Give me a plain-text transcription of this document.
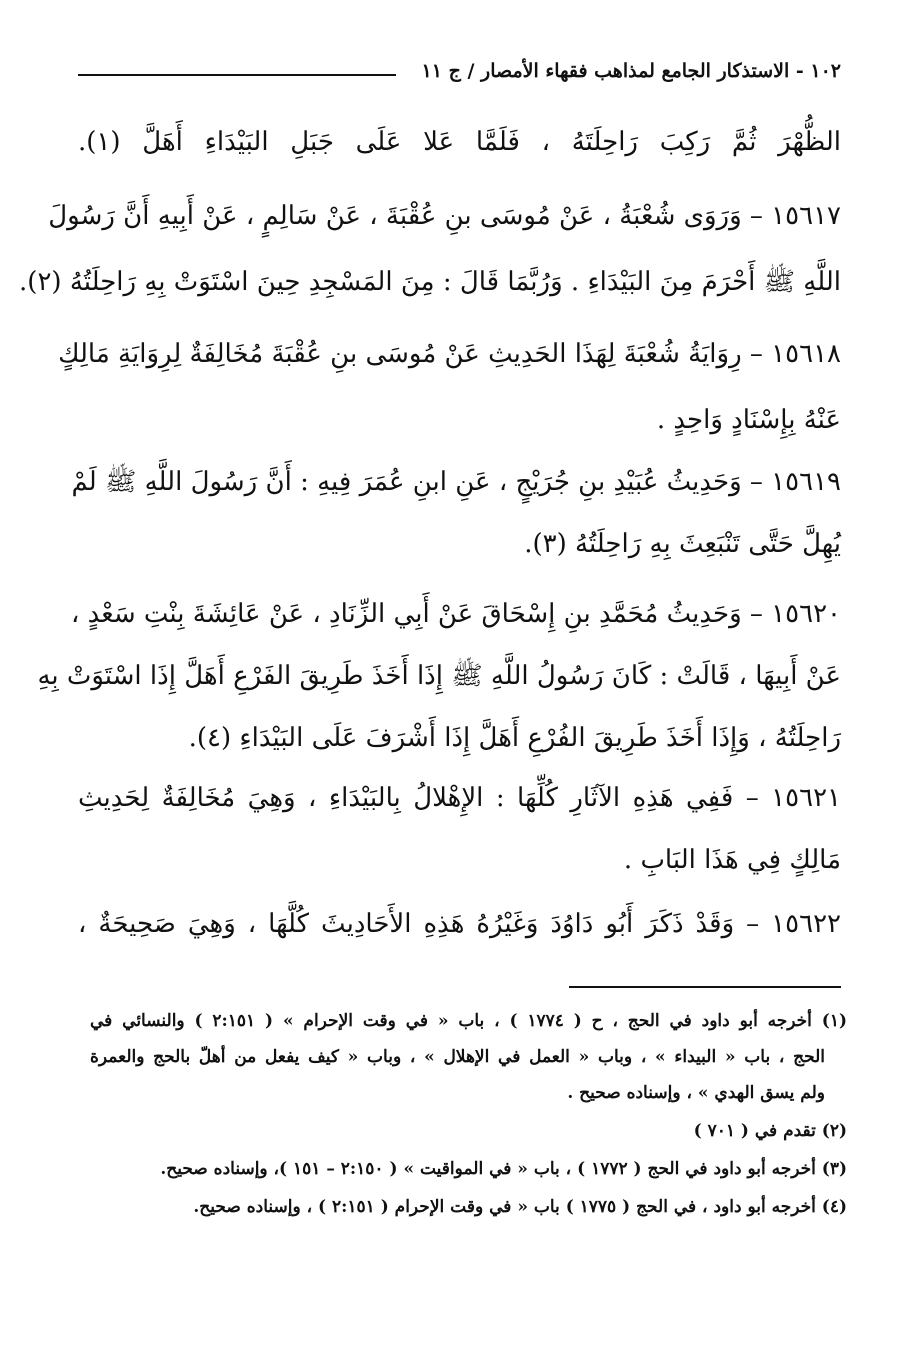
١٠٢ - الاستذكار الجامع لمذاهب فقهاء الأمصار / ج ١١
الظُّهْرَ ثُمَّ رَكِبَ رَاحِلَتَهُ ، فَلَمَّا عَلا عَلَى جَبَلِ البَيْدَاءِ أَهَلَّ (١).
١٥٦١٧ – وَرَوَى شُعْبَةُ ، عَنْ مُوسَى بنِ عُقْبَةَ ، عَنْ سَالِمٍ ، عَنْ أَبِيهِ أَنَّ رَسُولَ
اللَّهِ ﷺ أَحْرَمَ مِنَ البَيْدَاءِ . وَرُبَّمَا قَالَ : مِنَ المَسْجِدِ حِينَ اسْتَوَتْ بِهِ رَاحِلَتُهُ (٢).
١٥٦١٨ – رِوَايَةُ شُعْبَةَ لِهَذَا الحَدِيثِ عَنْ مُوسَى بنِ عُقْبَةَ مُخَالِفَةٌ لِرِوَايَةِ مَالِكٍ
عَنْهُ بِإِسْنَادٍ وَاحِدٍ .
١٥٦١٩ – وَحَدِيثُ عُبَيْدِ بنِ جُرَيْجٍ ، عَنِ ابنِ عُمَرَ فِيهِ : أَنَّ رَسُولَ اللَّهِ ﷺ لَمْ
يُهِلَّ حَتَّى تَنْبَعِثَ بِهِ رَاحِلَتُهُ (٣).
١٥٦٢٠ – وَحَدِيثُ مُحَمَّدِ بنِ إِسْحَاقَ عَنْ أَبِي الزِّنَادِ ، عَنْ عَائِشَةَ بِنْتِ سَعْدٍ ،
عَنْ أَبِيهَا ، قَالَتْ : كَانَ رَسُولُ اللَّهِ ﷺ إِذَا أَخَذَ طَرِيقَ الفَرْعِ أَهَلَّ إِذَا اسْتَوَتْ بِهِ
رَاحِلَتُهُ ، وَإِذَا أَخَذَ طَرِيقَ الفُرْعِ أَهَلَّ إِذَا أَشْرَفَ عَلَى البَيْدَاءِ (٤).
١٥٦٢١ – فَفِي هَذِهِ الآثَارِ كُلِّهَا : الإِهْلالُ بِالبَيْدَاءِ ، وَهِيَ مُخَالِفَةٌ لِحَدِيثِ
مَالِكٍ فِي هَذَا البَابِ .
١٥٦٢٢ – وَقَدْ ذَكَرَ أَبُو دَاوُدَ وَغَيْرُهُ هَذِهِ الأَحَادِيثَ كُلَّهَا ، وَهِيَ صَحِيحَةٌ ،
(١) أخرجه أبو داود في الحج ، ح ( ١٧٧٤ ) ، باب « في وقت الإحرام » ( ٢:١٥١ ) والنسائي في
الحج ، باب « البيداء » ، وباب « العمل في الإهلال » ، وباب « كيف يفعل من أهلّ بالحج والعمرة
ولم يسق الهدي » ، وإسناده صحيح .
(٢) تقدم في ( ٧٠١ )
(٣) أخرجه أبو داود في الحج ( ١٧٧٢ ) ، باب « في المواقيت » ( ٢:١٥٠ – ١٥١ )، وإسناده صحيح.
(٤) أخرجه أبو داود ، في الحج ( ١٧٧٥ ) باب « في وقت الإحرام ( ٢:١٥١ ) ، وإسناده صحيح.
